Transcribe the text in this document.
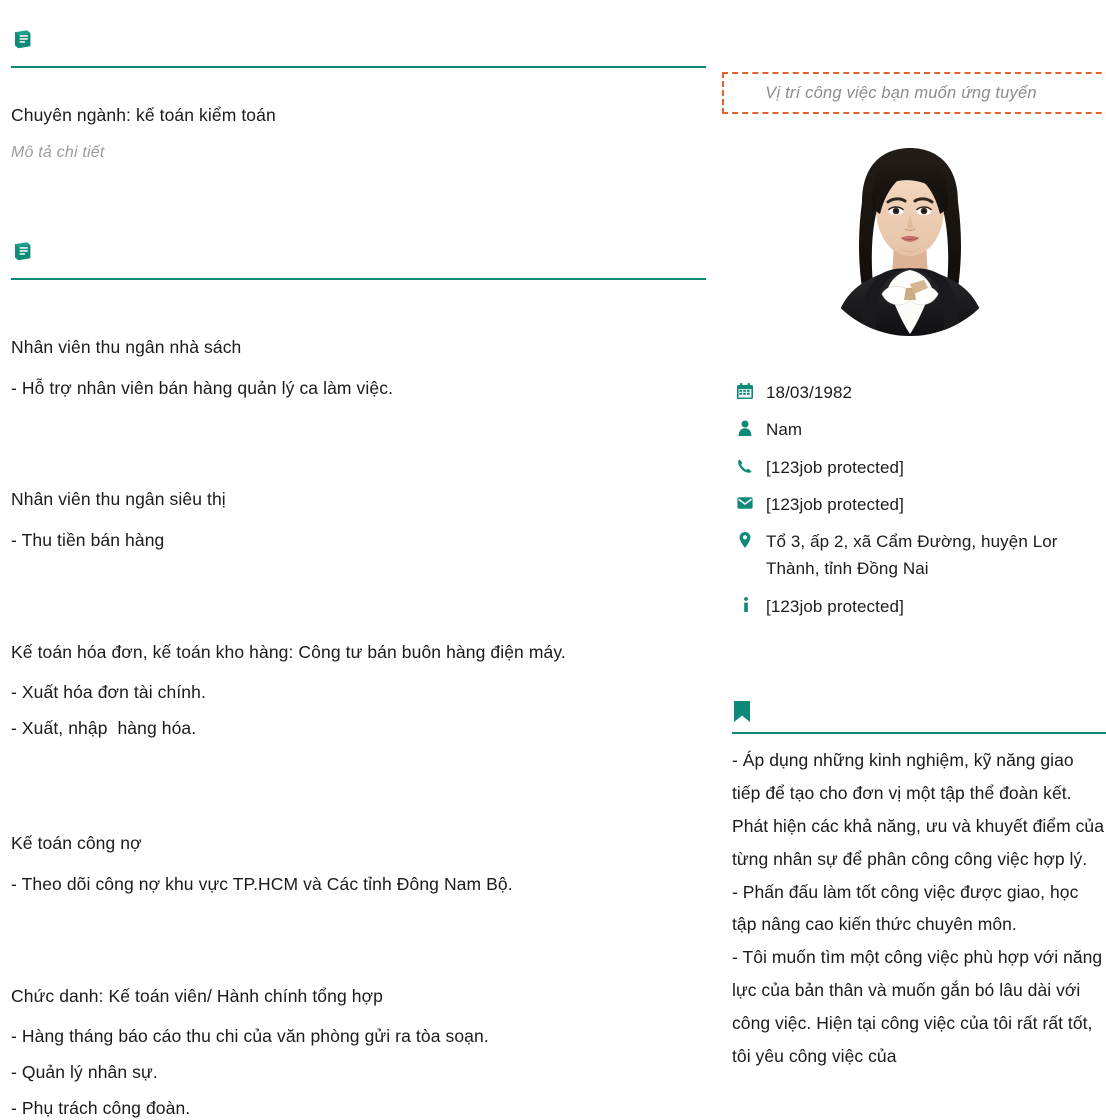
Chuyên ngành: kế toán kiểm toán
Mô tả chi tiết
Nhân viên thu ngân nhà sách
- Hỗ trợ nhân viên bán hàng quản lý ca làm việc.
Nhân viên thu ngân siêu thị
- Thu tiền bán hàng
Kế toán hóa đơn, kế toán kho hàng: Công tư bán buôn hàng điện máy.
- Xuất hóa đơn tài chính.
- Xuất, nhập  hàng hóa.
Kế toán công nợ
- Theo dõi công nợ khu vực TP.HCM và Các tỉnh Đông Nam Bộ.
Chức danh: Kế toán viên/ Hành chính tổng hợp
- Hàng tháng báo cáo thu chi của văn phòng gửi ra tòa soạn.
- Quản lý nhân sự.
- Phụ trách công đoàn.
Vị trí công việc bạn muốn ứng tuyển
18/03/1982
Nam
[123job protected]
[123job protected]
Tổ 3, ấp 2, xã Cẩm Đường, huyện Lor Thành, tỉnh Đồng Nai
[123job protected]

- Áp dụng những kinh nghiệm, kỹ năng giao tiếp để tạo cho đơn vị một tập thể đoàn kết. Phát hiện các khả năng, ưu và khuyết điểm của từng nhân sự để phân công công việc hợp lý.

- Phấn đấu làm tốt công việc được giao, học tập nâng cao kiến thức chuyên môn.

- Tôi muốn tìm một công việc phù hợp với năng lực của bản thân và muốn gắn bó lâu dài với công việc. Hiện tại công việc của tôi rất rất tốt, tôi yêu công việc của
